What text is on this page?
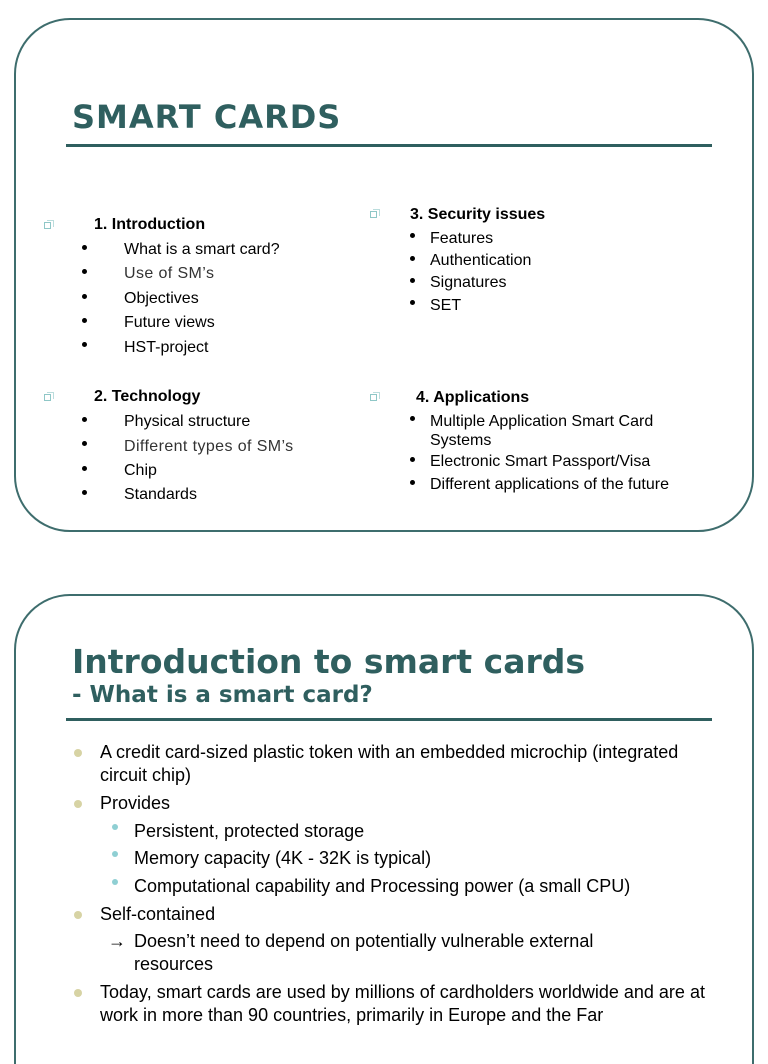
SMART CARDS
1. Introduction
What is a smart card?
Use of SM’s
Objectives
Future views
HST-project
3. Security issues
Features
Authentication
Signatures
SET
2. Technology
Physical structure
Different types of SM’s
Chip
Standards
4. Applications
Multiple Application Smart Card Systems
Electronic Smart Passport/Visa
Different applications of the future
Introduction to smart cards
- What is a smart card?
A credit card-sized plastic token with an embedded microchip (integrated circuit chip)
Provides
Persistent, protected storage
Memory capacity (4K - 32K is typical)
Computational capability and Processing power (a small CPU)
Self-contained
→ Doesn’t need to depend on potentially vulnerable external resources
Today, smart cards are used by millions of cardholders worldwide and are at work in more than 90 countries, primarily in Europe and the Far
